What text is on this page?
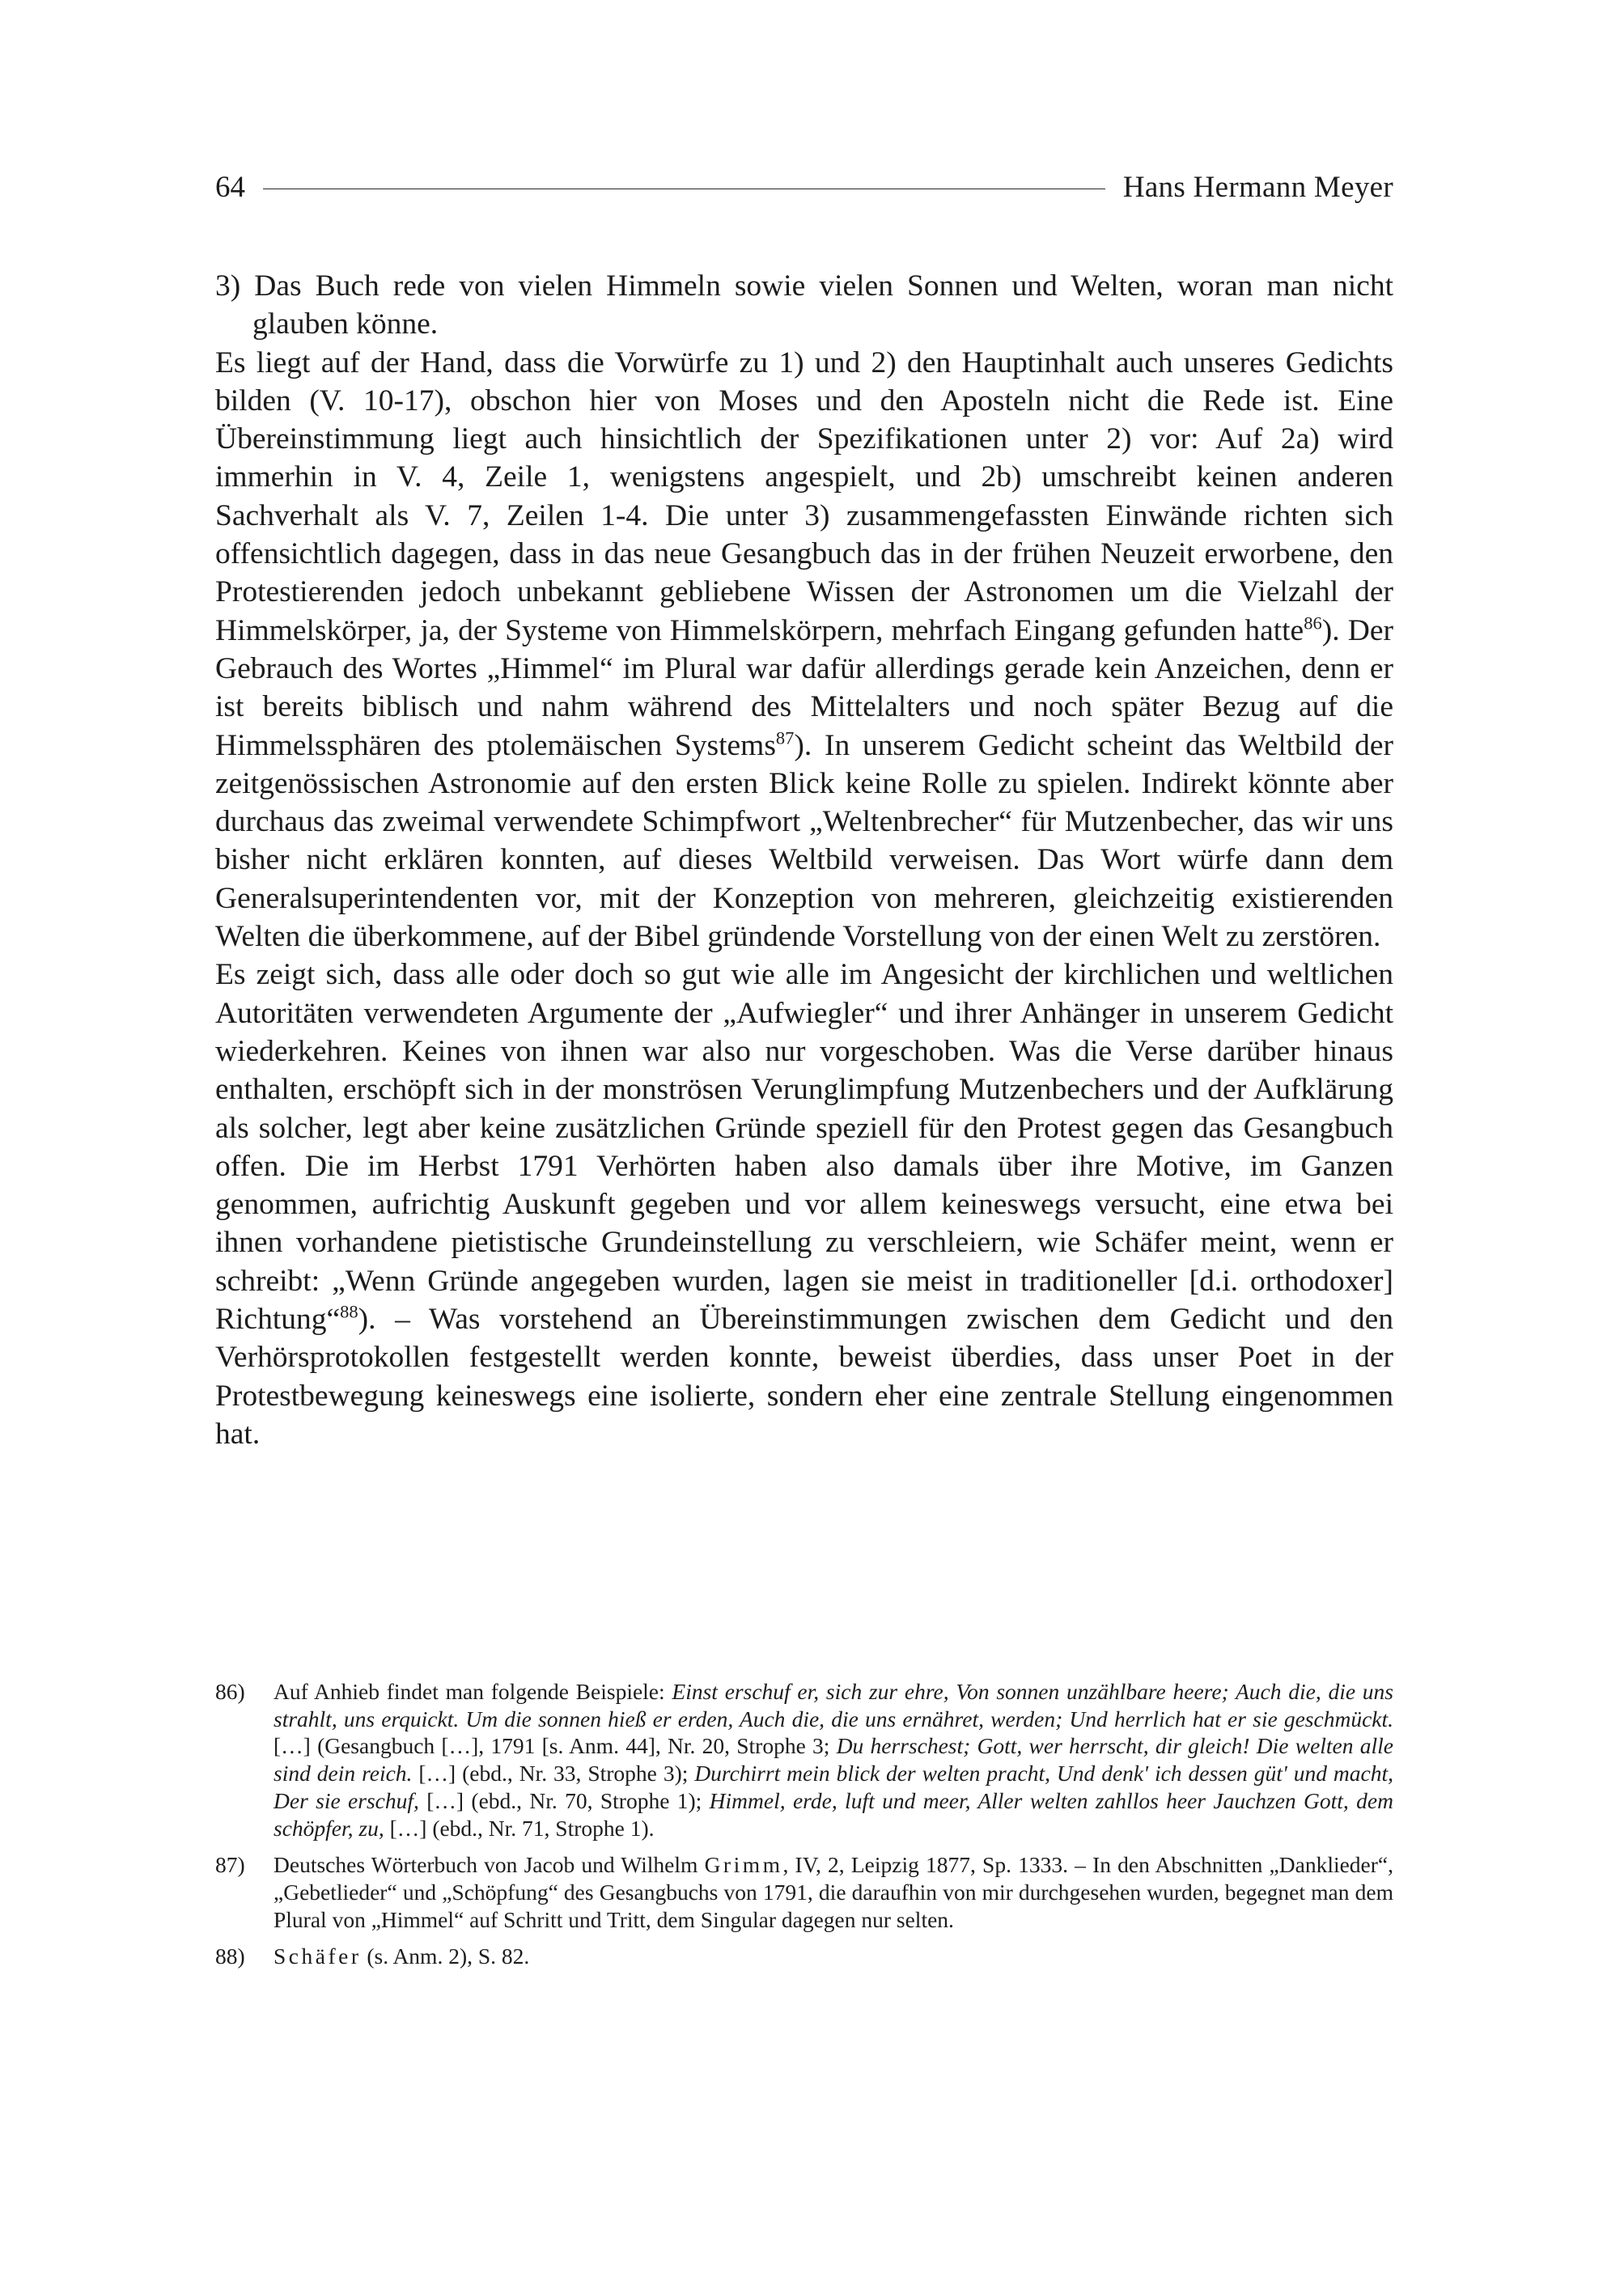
64	Hans Hermann Meyer

3) Das Buch rede von vielen Himmeln sowie vielen Sonnen und Welten, woran man nicht glauben könne.

Es liegt auf der Hand, dass die Vorwürfe zu 1) und 2) den Hauptinhalt auch unseres Gedichts bilden (V. 10-17), obschon hier von Moses und den Aposteln nicht die Rede ist. Eine Übereinstimmung liegt auch hinsichtlich der Spezifikationen unter 2) vor: Auf 2a) wird immerhin in V. 4, Zeile 1, wenigstens angespielt, und 2b) umschreibt keinen anderen Sachverhalt als V. 7, Zeilen 1-4. Die unter 3) zusammengefassten Einwände richten sich offensichtlich dagegen, dass in das neue Gesangbuch das in der frühen Neuzeit erworbene, den Protestierenden jedoch unbekannt gebliebene Wissen der Astronomen um die Vielzahl der Himmelskörper, ja, der Systeme von Himmelskörpern, mehrfach Eingang gefunden hatte$^{86}$). Der Gebrauch des Wortes „Himmel“ im Plural war dafür allerdings gerade kein Anzeichen, denn er ist bereits biblisch und nahm während des Mittelalters und noch später Bezug auf die Himmelssphären des ptolemäischen Systems$^{87}$). In unserem Gedicht scheint das Weltbild der zeitgenössischen Astronomie auf den ersten Blick keine Rolle zu spielen. Indirekt könnte aber durchaus das zweimal verwendete Schimpfwort „Weltenbrecher“ für Mutzenbecher, das wir uns bisher nicht erklären konnten, auf dieses Weltbild verweisen. Das Wort würfe dann dem Generalsuperintendenten vor, mit der Konzeption von mehreren, gleichzeitig existierenden Welten die überkommene, auf der Bibel gründende Vorstellung von der einen Welt zu zerstören.

Es zeigt sich, dass alle oder doch so gut wie alle im Angesicht der kirchlichen und weltlichen Autoritäten verwendeten Argumente der „Aufwiegler“ und ihrer Anhänger in unserem Gedicht wiederkehren. Keines von ihnen war also nur vorgeschoben. Was die Verse darüber hinaus enthalten, erschöpft sich in der monströsen Verunglimpfung Mutzenbechers und der Aufklärung als solcher, legt aber keine zusätzlichen Gründe speziell für den Protest gegen das Gesangbuch offen. Die im Herbst 1791 Verhörten haben also damals über ihre Motive, im Ganzen genommen, aufrichtig Auskunft gegeben und vor allem keineswegs versucht, eine etwa bei ihnen vorhandene pietistische Grundeinstellung zu verschleiern, wie Schäfer meint, wenn er schreibt: „Wenn Gründe angegeben wurden, lagen sie meist in traditioneller [d.i. orthodoxer] Richtung“$^{88}$). – Was vorstehend an Übereinstimmungen zwischen dem Gedicht und den Verhörsprotokollen festgestellt werden konnte, beweist überdies, dass unser Poet in der Protestbewegung keineswegs eine isolierte, sondern eher eine zentrale Stellung eingenommen hat.

86)	Auf Anhieb findet man folgende Beispiele: Einst erschuf er, sich zur ehre, Von sonnen unzählbare heere; Auch die, die uns strahlt, uns erquickt. Um die sonnen hieß er erden, Auch die, die uns ernähret, werden; Und herrlich hat er sie geschmückt. […] (Gesangbuch […], 1791 [s. Anm. 44], Nr. 20, Strophe 3; Du herrschest; Gott, wer herrscht, dir gleich! Die welten alle sind dein reich. […] (ebd., Nr. 33, Strophe 3); Durchirrt mein blick der welten pracht, Und denk' ich dessen güt' und macht, Der sie erschuf, […] (ebd., Nr. 70, Strophe 1); Himmel, erde, luft und meer, Aller welten zahllos heer Jauchzen Gott, dem schöpfer, zu, […] (ebd., Nr. 71, Strophe 1).
87)	Deutsches Wörterbuch von Jacob und Wilhelm Grimm, IV, 2, Leipzig 1877, Sp. 1333. – In den Abschnitten „Danklieder“, „Gebetlieder“ und „Schöpfung“ des Gesangbuchs von 1791, die daraufhin von mir durchgesehen wurden, begegnet man dem Plural von „Himmel“ auf Schritt und Tritt, dem Singular dagegen nur selten.
88)	Schäfer (s. Anm. 2), S. 82.
